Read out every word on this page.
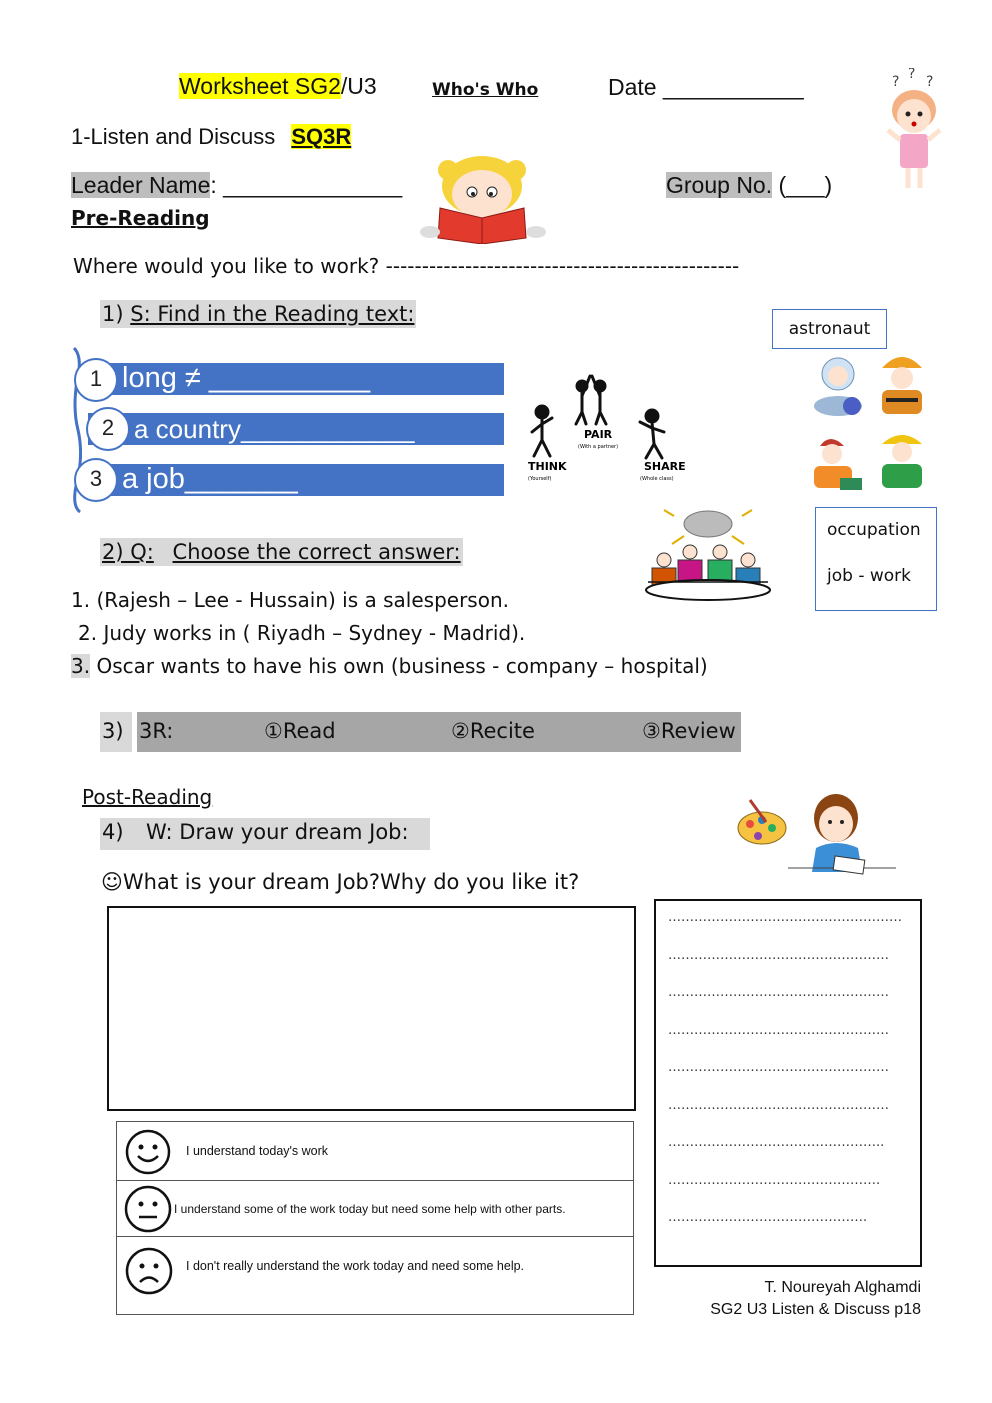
Worksheet SG2/U3	Who's Who	Date ___________	? ? ?
1-Listen and Discuss SQ3R
Leader Name: ______________	Group No. (___)
Pre-Reading
Where would you like to work? -------------------------------------------------
1) S: Find in the Reading text:
long ≠ __________
1
a country____________
2
a job_______
3	THINK
(Yourself)
PAIR
(With a partner)
SHARE
(Whole class)
astronaut
occupation
job - work
2) Q: Choose the correct answer:
1. (Rajesh – Lee - Hussain) is a salesperson.
2. Judy works in ( Riyadh – Sydney - Madrid).
3. Oscar wants to have his own (business - company – hospital)
3) 3R:	①Read	②Recite	③Review
Post-Reading
4) W: Draw your dream Job:
☺What is your dream Job?Why do you like it?
………………………………………………
……………………………………………
……………………………………………
……………………………………………
……………………………………………
……………………………………………
…………………………………………..
………………………………………….
……………………………………….
I understand today's work
I understand some of the work today but need some help with other parts.
I don't really understand the work today and need some help.
T. Noureyah Alghamdi
SG2 U3 Listen & Discuss p18
